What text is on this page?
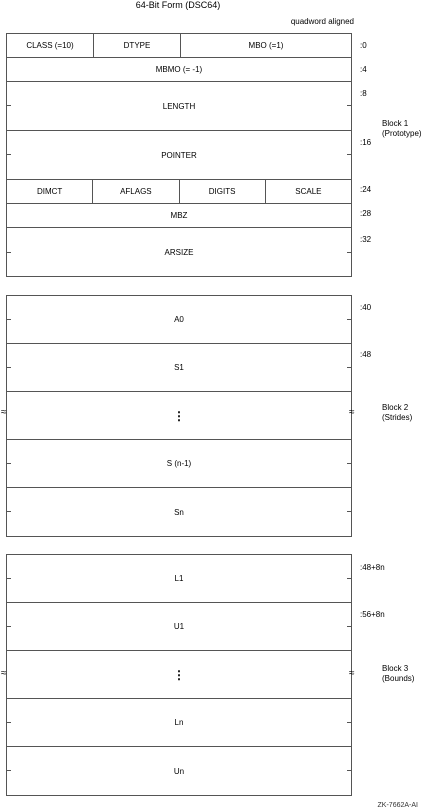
64-Bit Form (DSC64)
quadword aligned
CLASS (=10)	DTYPE	MBO (=1)
MBMO (= -1)
LENGTH
POINTER
DIMCT	AFLAGS	DIGITS	SCALE
MBZ
ARSIZE
:0
:4
:8
:16
:24
:28
:32
Block 1
(Prototype)
A0
S1
⋮
S (n-1)
Sn
:40
:48
Block 2
(Strides)
≈	≈
L1
U1
⋮
Ln
Un
:48+8n
:56+8n
Block 3
(Bounds)
≈	≈
ZK-7662A-AI
